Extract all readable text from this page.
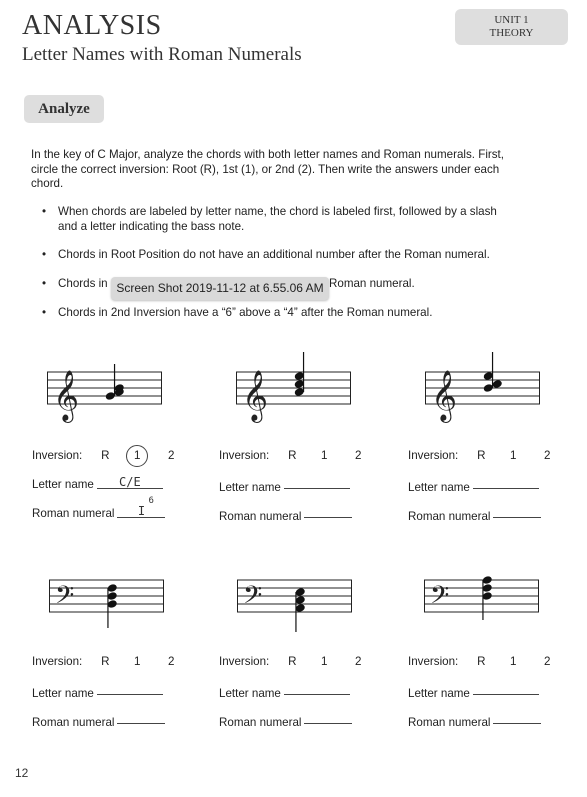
ANALYSIS
Letter Names with Roman Numerals
UNIT 1
THEORY
Analyze
In the key of C Major, analyze the chords with both letter names and Roman numerals. First, circle the correct inversion: Root (R), 1st (1), or 2nd (2). Then write the answers under each chord.
• When chords are labeled by letter name, the chord is labeled first, followed by a slash and a letter indicating the bass note.
• Chords in Root Position do not have an additional number after the Roman numeral.
• Chords in	Roman numeral.
• Chords in 2nd Inversion have a “6” above a “4” after the Roman numeral.
Screen Shot 2019-11-12 at 6.55.06 AM
𝄞
Inversion: R 1 2
Letter name C/E
Roman numeral I
6
𝄞
Inversion: R 1 2
Letter name
Roman numeral
𝄞
Inversion: R 1 2
Letter name
Roman numeral
𝄢
Inversion: R 1 2
Letter name
Roman numeral
𝄢
Inversion: R 1 2
Letter name
Roman numeral
𝄢
Inversion: R 1 2
Letter name
Roman numeral
12
